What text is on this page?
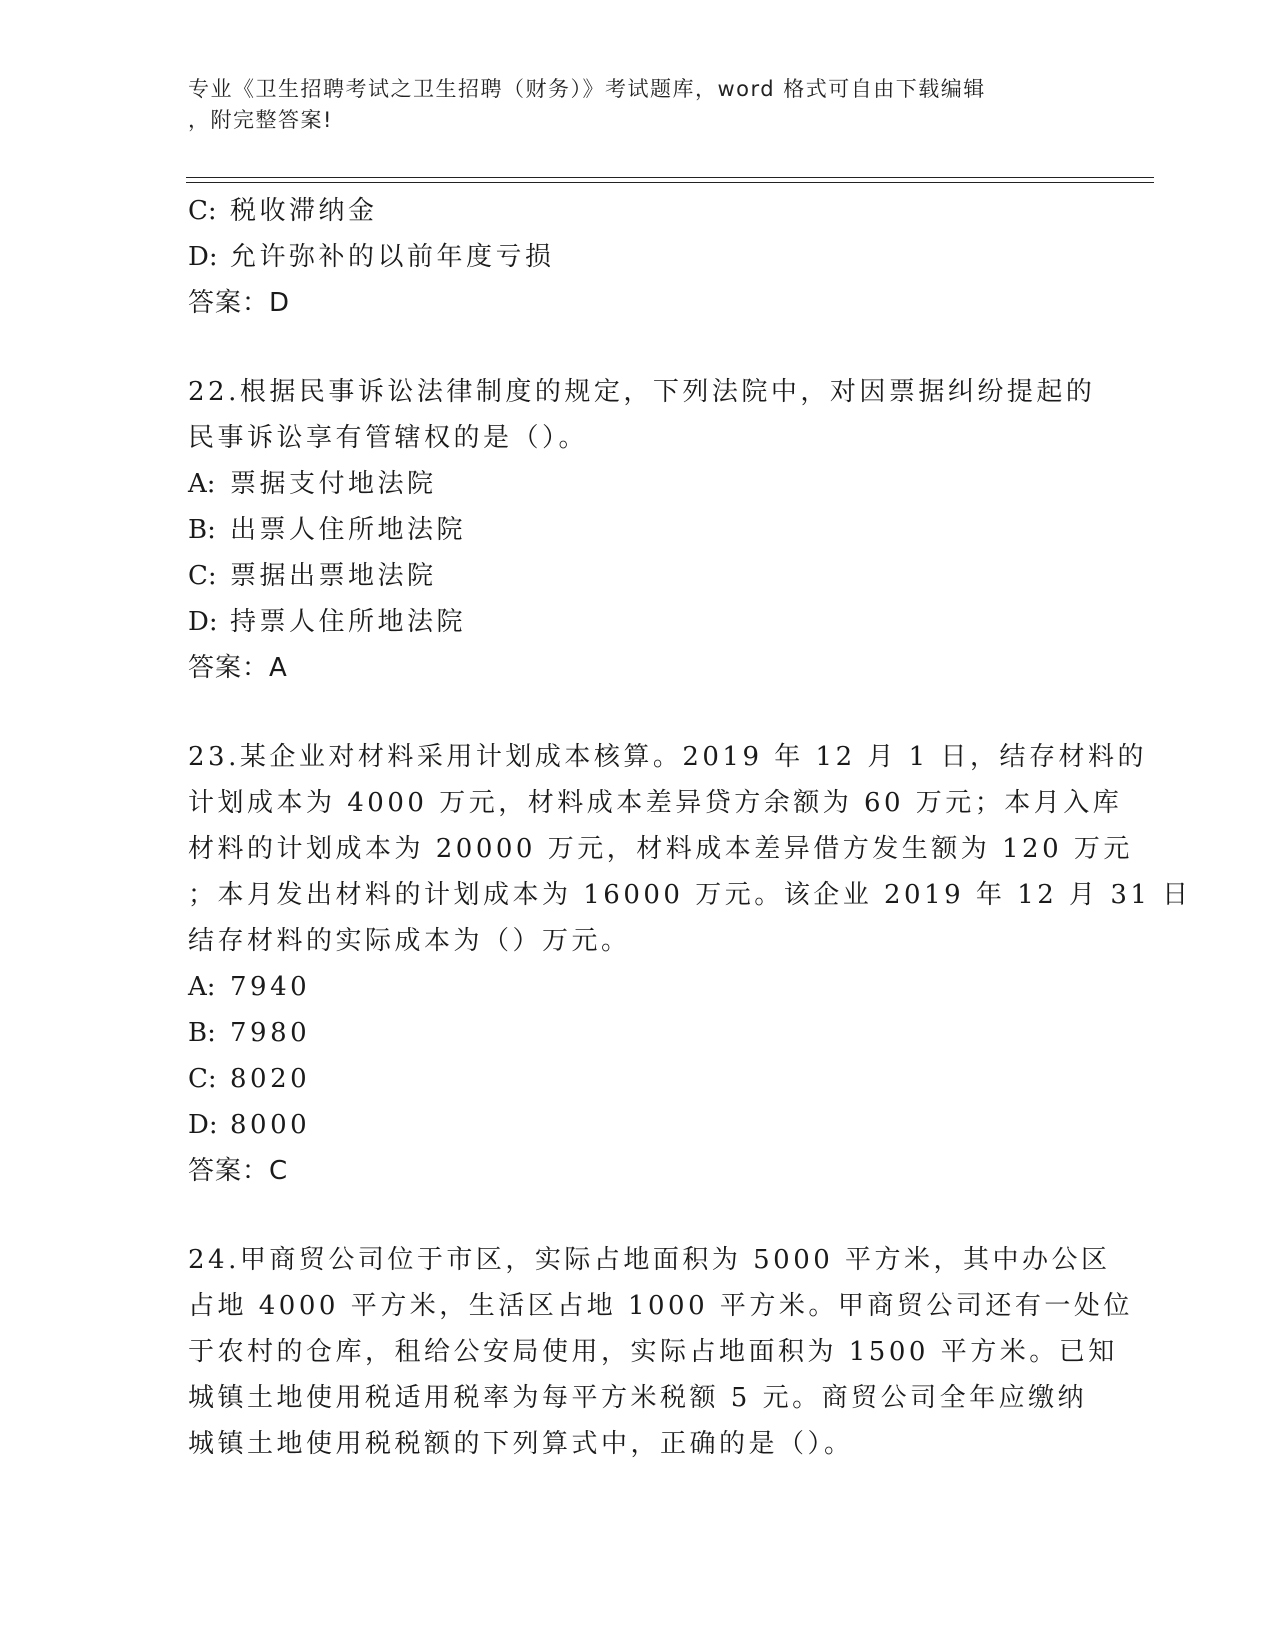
专业《卫生招聘考试之卫生招聘（财务）》考试题库，word 格式可自由下载编辑
，附完整答案!
C: 税收滞纳金
D: 允许弥补的以前年度亏损
答案：D
22.根据民事诉讼法律制度的规定，下列法院中，对因票据纠纷提起的
民事诉讼享有管辖权的是（）。
A: 票据支付地法院
B: 出票人住所地法院
C: 票据出票地法院
D: 持票人住所地法院
答案：A
23.某企业对材料采用计划成本核算。2019 年 12 月 1 日，结存材料的
计划成本为 4000 万元，材料成本差异贷方余额为 60 万元；本月入库
材料的计划成本为 20000 万元，材料成本差异借方发生额为 120 万元
；本月发出材料的计划成本为 16000 万元。该企业 2019 年 12 月 31 日
结存材料的实际成本为（）万元。
A: 7940
B: 7980
C: 8020
D: 8000
答案：C
24.甲商贸公司位于市区，实际占地面积为 5000 平方米，其中办公区
占地 4000 平方米，生活区占地 1000 平方米。甲商贸公司还有一处位
于农村的仓库，租给公安局使用，实际占地面积为 1500 平方米。已知
城镇土地使用税适用税率为每平方米税额 5 元。商贸公司全年应缴纳
城镇土地使用税税额的下列算式中，正确的是（）。
